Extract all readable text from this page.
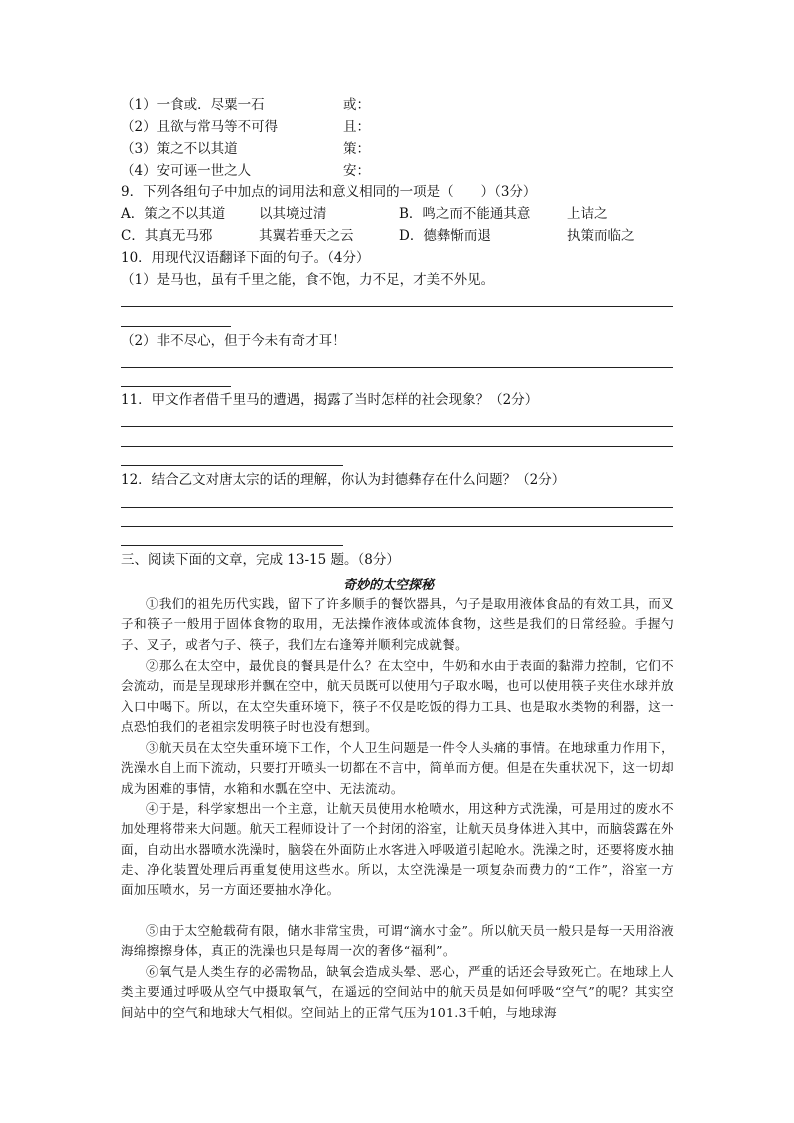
（1）一食或．尽粟一石	或：
（2）且欲与常马等不可得	且：
（3）策之不以其道	策：
（4）安可诬一世之人	安：
9．下列各组句子中加点的词用法和意义相同的一项是（　　）（3分）
A．策之不以其道	以其境过清	B．鸣之而不能通其意	上诘之
C．其真无马邪	其翼若垂天之云	D．德彝惭而退	执策而临之
10．用现代汉语翻译下面的句子。（4分）
（1）是马也，虽有千里之能，食不饱，力不足，才美不外见。
（2）非不尽心，但于今未有奇才耳！
11．甲文作者借千里马的遭遇，揭露了当时怎样的社会现象？（2分）
12．结合乙文对唐太宗的话的理解，你认为封德彝存在什么问题？（2分）
三、阅读下面的文章，完成 13-15 题。（8分）
奇妙的太空探秘
①我们的祖先历代实践，留下了许多顺手的餐饮器具，勺子是取用液体食品的有效工具，而叉子和筷子一般用于固体食物的取用，无法操作液体或流体食物，这些是我们的日常经验。手握勺子、叉子，或者勺子、筷子，我们左右逢筹并顺利完成就餐。
②那么在太空中，最优良的餐具是什么？在太空中，牛奶和水由于表面的黏滞力控制，它们不会流动，而是呈现球形并飘在空中，航天员既可以使用勺子取水喝，也可以使用筷子夹住水球并放入口中喝下。所以，在太空失重环境下，筷子不仅是吃饭的得力工具、也是取水类物的利器，这一点恐怕我们的老祖宗发明筷子时也没有想到。
③航天员在太空失重环境下工作，个人卫生问题是一件令人头痛的事情。在地球重力作用下，洗澡水自上而下流动，只要打开喷头一切都在不言中，简单而方便。但是在失重状况下，这一切却成为困难的事情，水箱和水瓢在空中、无法流动。
④于是，科学家想出一个主意，让航天员使用水枪喷水，用这种方式洗澡，可是用过的废水不加处理将带来大问题。航天工程师设计了一个封闭的浴室，让航天员身体进入其中，而脑袋露在外面，自动出水器喷水洗澡时，脑袋在外面防止水客进入呼吸道引起呛水。洗澡之时，还要将废水抽走、净化装置处理后再重复使用这些水。所以，太空洗澡是一项复杂而费力的“工作”，浴室一方面加压喷水，另一方面还要抽水净化。
⑤由于太空舱载荷有限，储水非常宝贵，可谓“滴水寸金”。所以航天员一般只是每一天用浴液海绵擦擦身体，真正的洗澡也只是每周一次的奢侈“福利”。
⑥氧气是人类生存的必需物品，缺氧会造成头晕、恶心，严重的话还会导致死亡。在地球上人类主要通过呼吸从空气中摄取氧气，在遥远的空间站中的航天员是如何呼吸“空气”的呢？其实空间站中的空气和地球大气相似。空间站上的正常气压为101.3千帕，与地球海
